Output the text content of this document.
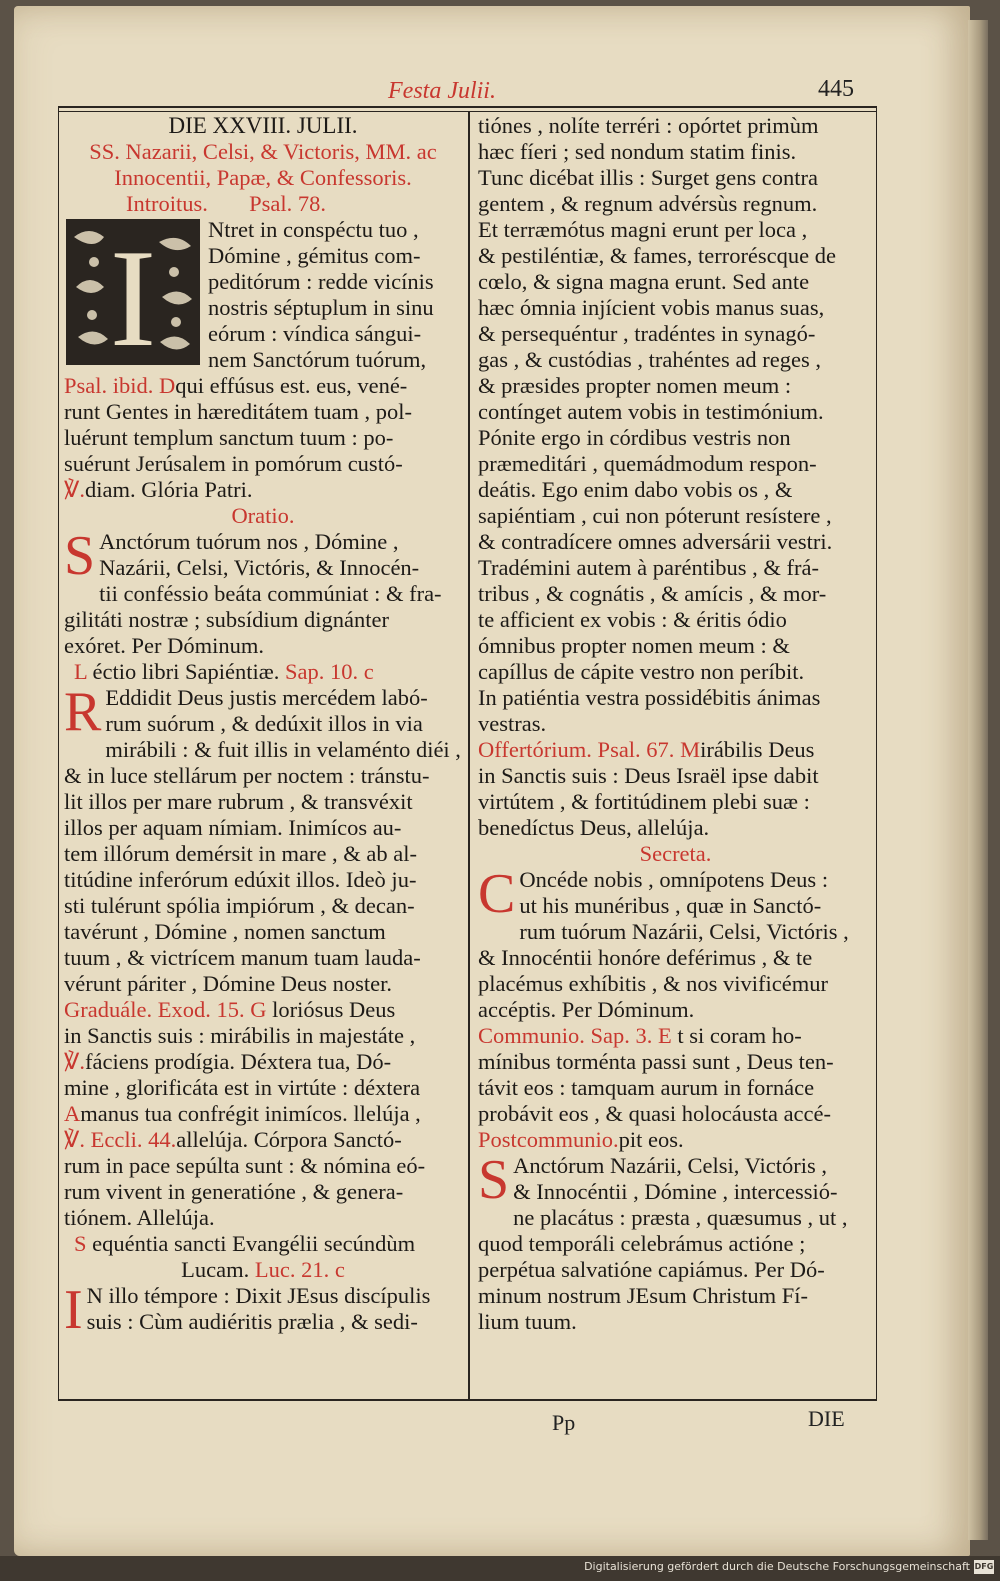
Festa Julii.	445
DIE XXVIII. JULII.
SS. Nazarii, Celsi, & Victoris, MM. ac
Innocentii, Papæ, & Confessoris.
Introitus. Psal. 78.
I Ntret in conspéctu tuo ,
Dómine , gémitus com-
peditórum : redde vicínis
nostris séptuplum in sinu
eórum : víndica sángui-
nem Sanctórum tuórum,
Psal. ibid. Dqui effúsus est. eus, vené-
runt Gentes in hæreditátem tuam , pol-
luérunt templum sanctum tuum : po-
suérunt Jerúsalem in pomórum custó-
℣.diam. Glória Patri.
Oratio.
S Anctórum tuórum nos , Dómine ,
Nazárii, Celsi, Victóris, & Innocén-
tii conféssio beáta commúniat : & fra-
gilitáti nostræ ; subsídium dignánter
exóret. Per Dóminum.
L éctio libri Sapiéntiæ. Sap. 10. c
R Eddidit Deus justis mercédem labó-
rum suórum , & dedúxit illos in via
mirábili : & fuit illis in velaménto diéi ,
& in luce stellárum per noctem : tránstu-
lit illos per mare rubrum , & transvéxit
illos per aquam nímiam. Inimícos au-
tem illórum demérsit in mare , & ab al-
titúdine inferórum edúxit illos. Ideò ju-
sti tulérunt spólia impiórum , & decan-
tavérunt , Dómine , nomen sanctum
tuum , & victrícem manum tuam lauda-
vérunt páriter , Dómine Deus noster.
Graduále. Exod. 15. G loriósus Deus
in Sanctis suis : mirábilis in majestáte ,
℣.fáciens prodígia. Déxtera tua, Dó-
mine , glorificáta est in virtúte : déxtera
Amanus tua confrégit inimícos. llelúja ,
℣. Eccli. 44.allelúja. Córpora Sanctó-
rum in pace sepúlta sunt : & nómina eó-
rum vivent in generatióne , & genera-
tiónem. Allelúja.
S equéntia sancti Evangélii secúndùm
Lucam. Luc. 21. c
I N illo témpore : Dixit JEsus discípulis
suis : Cùm audiéritis prælia , & sedi-
tiónes , nolíte terréri : opórtet primùm
hæc fíeri ; sed nondum statim finis.
Tunc dicébat illis : Surget gens contra
gentem , & regnum advérsùs regnum.
Et terræmótus magni erunt per loca ,
& pestiléntiæ, & fames, terroréscque de
cœlo, & signa magna erunt. Sed ante
hæc ómnia injícient vobis manus suas,
& persequéntur , tradéntes in synagó-
gas , & custódias , trahéntes ad reges ,
& præsides propter nomen meum :
contínget autem vobis in testimónium.
Pónite ergo in córdibus vestris non
præmeditári , quemádmodum respon-
deátis. Ego enim dabo vobis os , &
sapiéntiam , cui non póterunt resístere ,
& contradícere omnes adversárii vestri.
Tradémini autem à paréntibus , & frá-
tribus , & cognátis , & amícis , & mor-
te afficient ex vobis : & éritis ódio
ómnibus propter nomen meum : &
capíllus de cápite vestro non períbit.
In patiéntia vestra possidébitis ánimas
vestras.
Offertórium. Psal. 67. Mirábilis Deus
in Sanctis suis : Deus Israël ipse dabit
virtútem , & fortitúdinem plebi suæ :
benedíctus Deus, allelúja.
Secreta.
C Oncéde nobis , omnípotens Deus :
ut his munéribus , quæ in Sanctó-
rum tuórum Nazárii, Celsi, Victóris ,
& Innocéntii honóre deférimus , & te
placémus exhíbitis , & nos vivificémur
accéptis. Per Dóminum.
Communio. Sap. 3. E t si coram ho-
mínibus torménta passi sunt , Deus ten-
távit eos : tamquam aurum in fornáce
probávit eos , & quasi holocáusta accé-
Postcommunio.pit eos.
S Anctórum Nazárii, Celsi, Victóris ,
& Innocéntii , Dómine , intercessió-
ne placátus : præsta , quæsumus , ut ,
quod temporáli celebrámus actióne ;
perpétua salvatióne capiámus. Per Dó-
minum nostrum JEsum Christum Fí-
lium tuum.
Pp	DIE
Digitalisierung gefördert durch die Deutsche Forschungsgemeinschaft DFG
